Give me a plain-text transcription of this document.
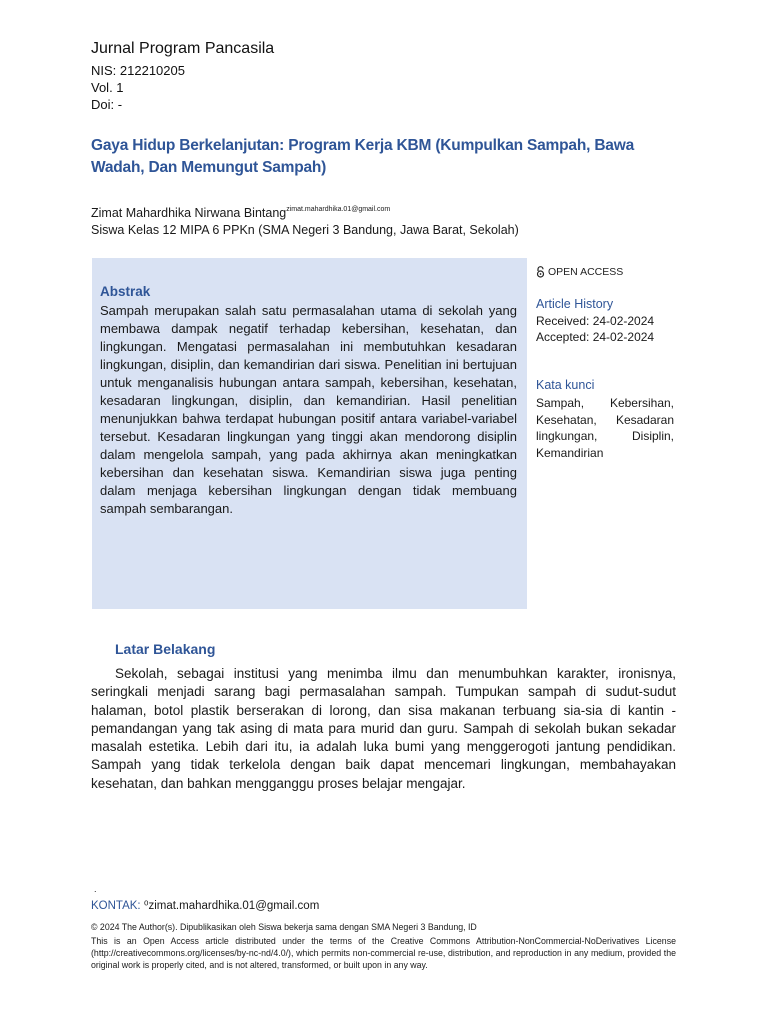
Jurnal Program Pancasila
NIS: 212210205
Vol. 1
Doi: -
Gaya Hidup Berkelanjutan: Program Kerja KBM (Kumpulkan Sampah, Bawa Wadah, Dan Memungut Sampah)
Zimat Mahardhika Nirwana Bintang$^{zimat.mahardhika.01@gmail.com}$
Siswa Kelas 12 MIPA 6 PPKn (SMA Negeri 3 Bandung, Jawa Barat, Sekolah)
Abstrak
Sampah merupakan salah satu permasalahan utama di sekolah yang membawa dampak negatif terhadap kebersihan, kesehatan, dan lingkungan. Mengatasi permasalahan ini membutuhkan kesadaran lingkungan, disiplin, dan kemandirian dari siswa. Penelitian ini bertujuan untuk menganalisis hubungan antara sampah, kebersihan, kesehatan, kesadaran lingkungan, disiplin, dan kemandirian. Hasil penelitian menunjukkan bahwa terdapat hubungan positif antara variabel-variabel tersebut. Kesadaran lingkungan yang tinggi akan mendorong disiplin dalam mengelola sampah, yang pada akhirnya akan meningkatkan kebersihan dan kesehatan siswa. Kemandirian siswa juga penting dalam menjaga kebersihan lingkungan dengan tidak membuang sampah sembarangan.
OPEN ACCESS
Article History
Received: 24-02-2024
Accepted: 24-02-2024
Kata kunci
Sampah, Kebersihan, Kesehatan, Kesadaran lingkungan, Disiplin, Kemandirian
Latar Belakang
Sekolah, sebagai institusi yang menimba ilmu dan menumbuhkan karakter, ironisnya, seringkali menjadi sarang bagi permasalahan sampah. Tumpukan sampah di sudut-sudut halaman, botol plastik berserakan di lorong, dan sisa makanan terbuang sia-sia di kantin - pemandangan yang tak asing di mata para murid dan guru. Sampah di sekolah bukan sekadar masalah estetika. Lebih dari itu, ia adalah luka bumi yang menggerogoti jantung pendidikan. Sampah yang tidak terkelola dengan baik dapat mencemari lingkungan, membahayakan kesehatan, dan bahkan mengganggu proses belajar mengajar.
.
KONTAK: ⁰zimat.mahardhika.01@gmail.com
© 2024 The Author(s). Dipublikasikan oleh Siswa bekerja sama dengan SMA Negeri 3 Bandung, ID
This is an Open Access article distributed under the terms of the Creative Commons Attribution-NonCommercial-NoDerivatives License (http://creativecommons.org/licenses/by-nc-nd/4.0/), which permits non-commercial re-use, distribution, and reproduction in any medium, provided the original work is properly cited, and is not altered, transformed, or built upon in any way.
